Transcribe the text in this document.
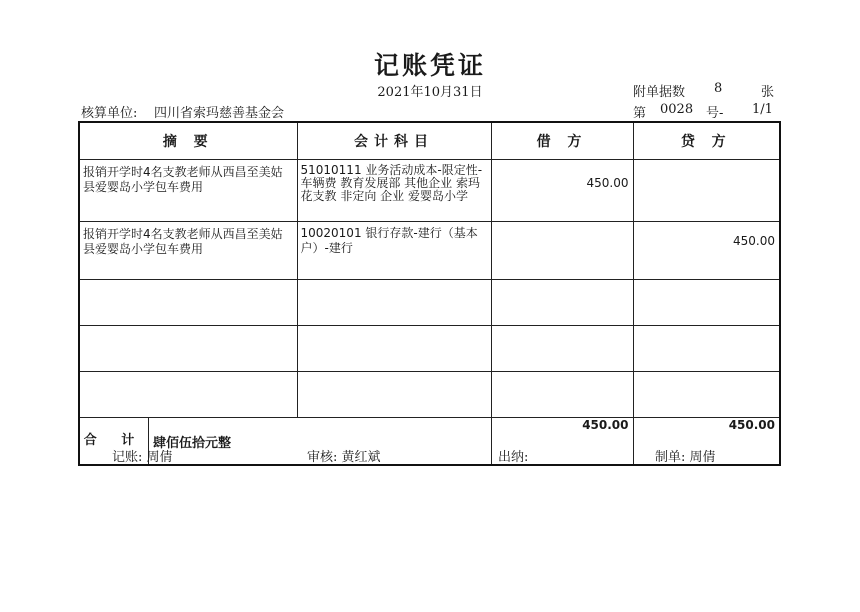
记账凭证
2021年10月31日	附单据数 8	张
核算单位: 四川省索玛慈善基金会	第 0028 号- 1/1
摘 要	会计科目	借 方	贷 方
报销开学时4名支教老师从西昌至美姑县爱婴岛小学包车费用	51010111 业务活动成本-限定性-车辆费 教育发展部 其他企业 索玛花支教 非定向 企业 爱婴岛小学	450.00	
报销开学时4名支教老师从西昌至美姑县爱婴岛小学包车费用	10020101 银行存款-建行（基本户）-建行		450.00

合 计 肆佰伍拾元整		450.00	450.00
记账: 周倩	审核: 黄红斌	出纳:	制单: 周倩
